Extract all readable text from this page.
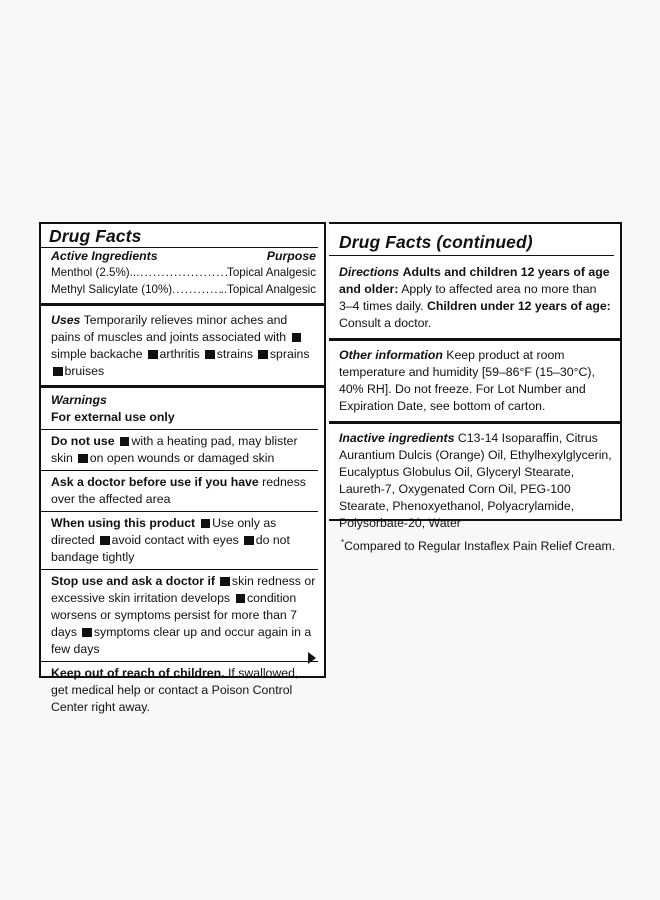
Drug Facts
Active Ingredients	Purpose
Menthol (2.5%).. .....	Topical Analgesic
Methyl Salicylate (10%) .....	..Topical Analgesic
Uses Temporarily relieves minor aches and pains of muscles and joints associated with simple backache arthritis strains sprains bruises
Warnings
For external use only
Do not use with a heating pad, may blister skin on open wounds or damaged skin
Ask a doctor before use if you have redness over the affected area
When using this product Use only as directed avoid contact with eyes do not bandage tightly
Stop use and ask a doctor if skin redness or excessive skin irritation develops condition worsens or symptoms persist for more than 7 days symptoms clear up and occur again in a few days
Keep out of reach of children. If swallowed, get medical help or contact a Poison Control Center right away.
Drug Facts (continued)
Directions Adults and children 12 years of age and older: Apply to affected area no more than 3–4 times daily. Children under 12 years of age: Consult a doctor.
Other information Keep product at room temperature and humidity [59–86°F (15–30°C), 40% RH]. Do not freeze. For Lot Number and Expiration Date, see bottom of carton.
Inactive ingredients C13-14 Isoparaffin, Citrus Aurantium Dulcis (Orange) Oil, Ethylhexylglycerin, Eucalyptus Globulus Oil, Glyceryl Stearate, Laureth-7, Oxygenated Corn Oil, PEG-100 Stearate, Phenoxyethanol, Polyacrylamide, Polysorbate-20, Water
*Compared to Regular Instaflex Pain Relief Cream.
